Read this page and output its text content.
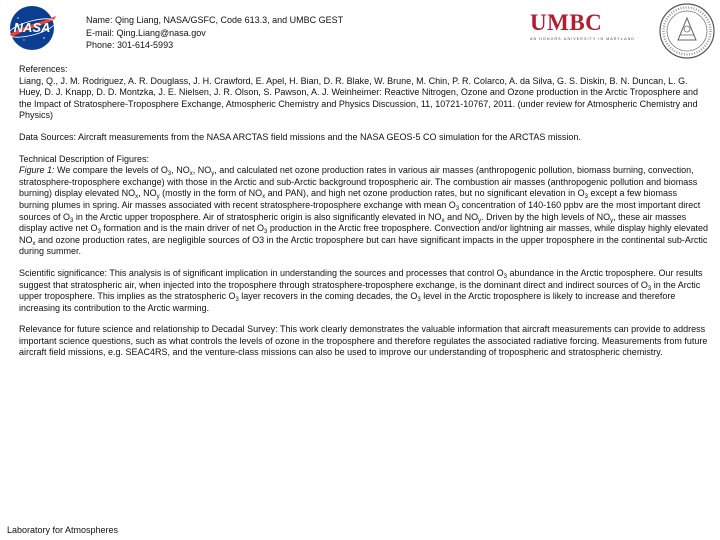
NASA	Name: Qing Liang, NASA/GSFC, Code 613.3, and UMBC GEST
E-mail: Qing.Liang@nasa.gov
Phone: 301-614-5993
UMBC
AN HONORS UNIVERSITY IN MARYLAND

References:

Liang, Q., J. M. Rodriguez, A. R. Douglass, J. H. Crawford, E. Apel, H. Bian, D. R. Blake, W. Brune, M. Chin, P. R. Colarco, A. da Silva, G. S. Diskin, B. N. Duncan, L. G. Huey, D. J. Knapp, D. D. Montzka, J. E. Nielsen, J. R. Olson, S. Pawson, A. J. Weinheimer: Reactive Nitrogen, Ozone and Ozone production in the Arctic Troposphere and the Impact of Stratosphere-Troposphere Exchange, Atmospheric Chemistry and Physics Discussion, 11, 10721-10767, 2011. (under review for Atmospheric Chemistry and Physics)

Data Sources: Aircraft measurements from the NASA ARCTAS field missions and the NASA GEOS-5 CO simulation for the ARCTAS mission.

Technical Description of Figures:

Figure 1: We compare the levels of $O_3$, $NO_x$, $NO_y$, and calculated net ozone production rates in various air masses (anthropogenic pollution, biomass burning, convection, stratosphere-troposphere exchange) with those in the Arctic and sub-Arctic background tropospheric air. The combustion air masses (anthropogenic pollution and biomass burning) display elevated $NO_x$, $NO_y$ (mostly in the form of $NO_x$ and PAN), and high net ozone production rates, but no significant elevation in $O_3$ except a few biomass burning plumes in spring. Air masses associated with recent stratosphere-troposphere exchange with mean $O_3$ concentration of 140-160 ppbv are the most important direct sources of $O_3$ in the Arctic upper troposphere. Air of stratospheric origin is also significantly elevated in $NO_x$ and $NO_y$. Driven by the high levels of $NO_y$, these air masses display active net $O_3$ formation and is the main driver of net $O_3$ production in the Arctic free troposphere. Convection and/or lightning air masses, while display highly elevated $NO_x$ and ozone production rates, are negligible sources of O3 in the Arctic troposphere but can have significant impacts in the upper troposphere in the continental sub-Arctic during summer.

Scientific significance: This analysis is of significant implication in understanding the sources and processes that control $O_3$ abundance in the Arctic troposphere. Our results suggest that stratospheric air, when injected into the troposphere through stratosphere-troposphere exchange, is the dominant direct and indirect sources of $O_3$ in the Arctic upper troposphere. This implies as the stratospheric $O_3$ layer recovers in the coming decades, the $O_3$ level in the Arctic troposphere is likely to increase and therefore increasing its contribution to the Arctic warming.

Relevance for future science and relationship to Decadal Survey: This work clearly demonstrates the valuable information that aircraft measurements can provide to address important science questions, such as what controls the levels of ozone in the troposphere and therefore regulates the associated radiative forcing. Measurements from future aircraft field missions, e.g. SEAC4RS, and the venture-class missions can also be used to improve our understanding of tropospheric and stratospheric chemistry.

Laboratory for Atmospheres
